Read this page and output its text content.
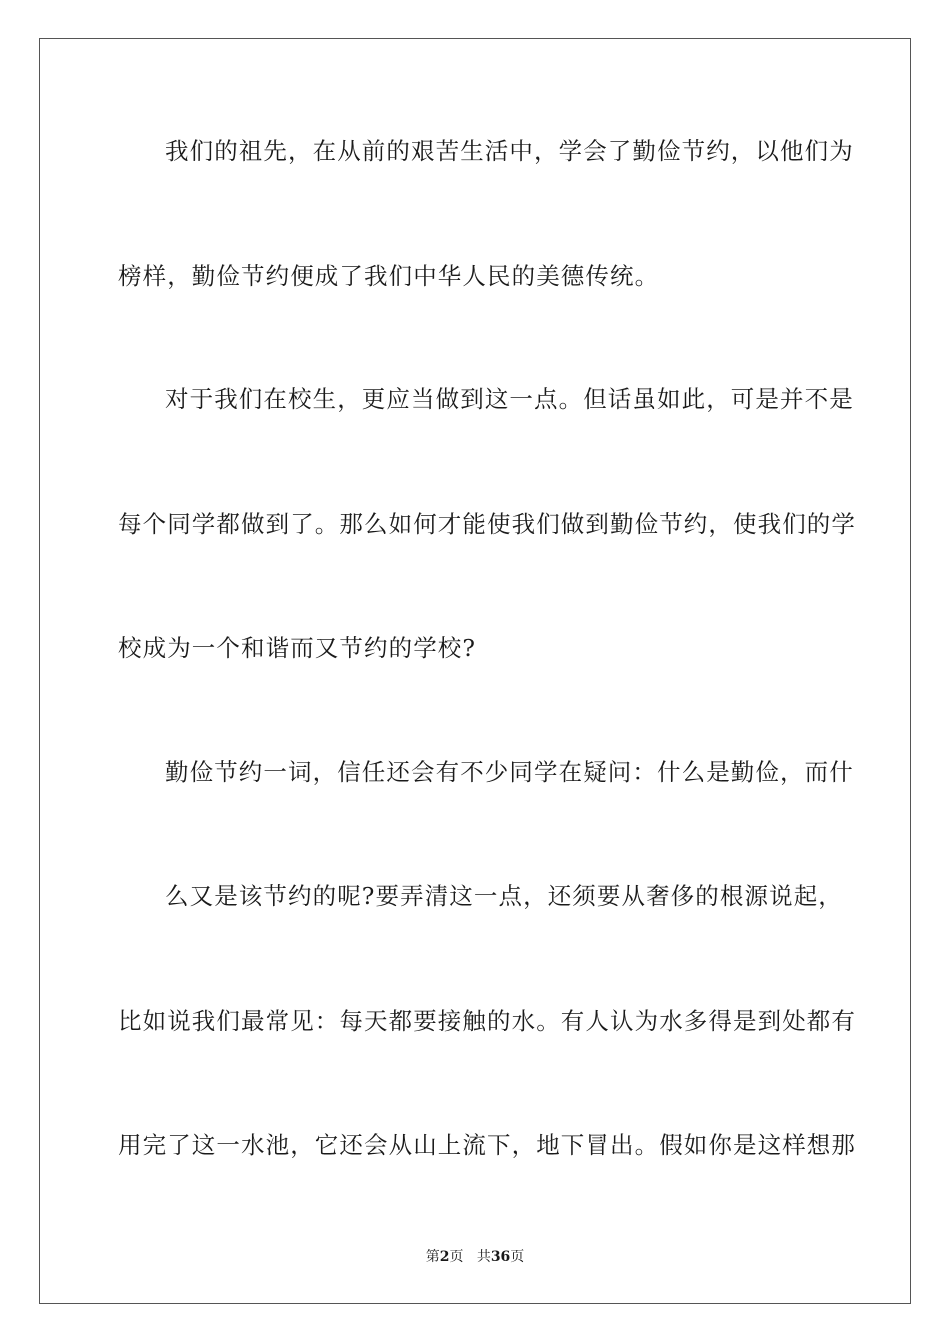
我们的祖先，在从前的艰苦生活中，学会了勤俭节约，以他们为
榜样，勤俭节约便成了我们中华人民的美德传统。
对于我们在校生，更应当做到这一点。但话虽如此，可是并不是
每个同学都做到了。那么如何才能使我们做到勤俭节约，使我们的学
校成为一个和谐而又节约的学校?
勤俭节约一词，信任还会有不少同学在疑问：什么是勤俭，而什
么又是该节约的呢?要弄清这一点，还须要从奢侈的根源说起，
比如说我们最常见：每天都要接触的水。有人认为水多得是到处都有
用完了这一水池，它还会从山上流下，地下冒出。假如你是这样想那
第2页 共36页
